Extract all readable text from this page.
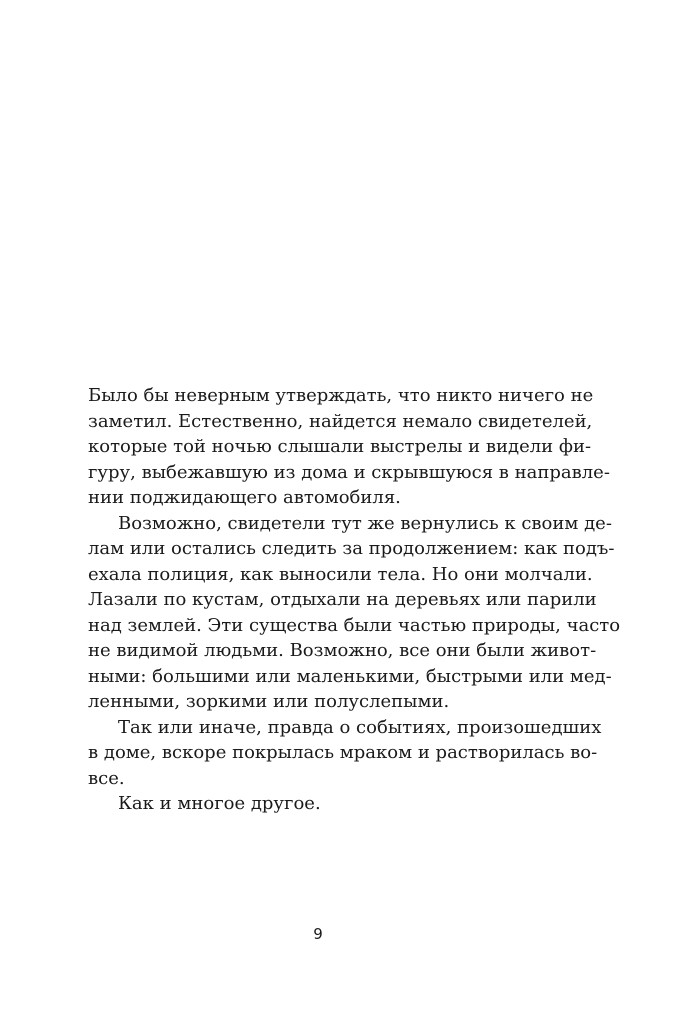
Было бы неверным утверждать, что никто ничего не
заметил. Естественно, найдется немало свидетелей,
которые той ночью слышали выстрелы и видели фи-
гуру, выбежавшую из дома и скрывшуюся в направле-
нии поджидающего автомобиля.

Возможно, свидетели тут же вернулись к своим де-
лам или остались следить за продолжением: как подъ-
ехала полиция, как выносили тела. Но они молчали.
Лазали по кустам, отдыхали на деревьях или парили
над землей. Эти существа были частью природы, часто
не видимой людьми. Возможно, все они были живот-
ными: большими или маленькими, быстрыми или мед-
ленными, зоркими или полуслепыми.

Так или иначе, правда о событиях, произошедших
в доме, вскоре покрылась мраком и растворилась во-
все.

Как и многое другое.

9
